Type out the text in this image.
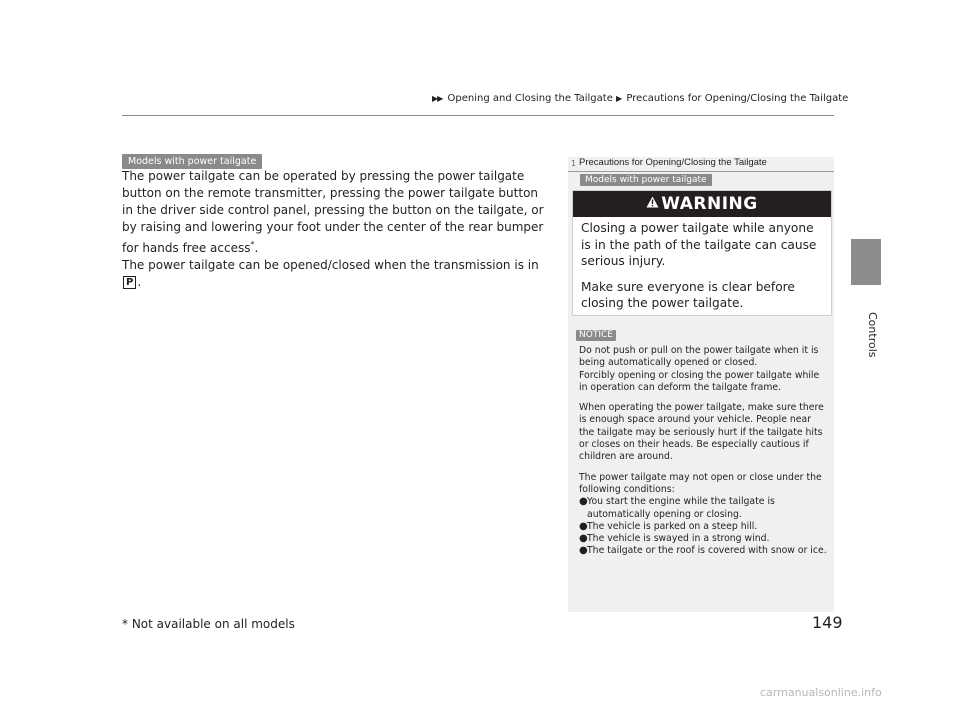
▶▶ Opening and Closing the Tailgate ▶ Precautions for Opening/Closing the Tailgate
Controls
Models with power tailgate

The power tailgate can be operated by pressing the power tailgate button on the remote transmitter, pressing the power tailgate button in the driver side control panel, pressing the button on the tailgate, or by raising and lowering your foot under the center of the rear bumper for hands free access*.

The power tailgate can be opened/closed when the transmission is in P .

1 Precautions for Opening/Closing the Tailgate
Models with power tailgate
WARNING

Closing a power tailgate while anyone is in the path of the tailgate can cause serious injury.

Make sure everyone is clear before closing the power tailgate.

NOTICE

Do not push or pull on the power tailgate when it is being automatically opened or closed.

Forcibly opening or closing the power tailgate while in operation can deform the tailgate frame.

When operating the power tailgate, make sure there is enough space around your vehicle. People near the tailgate may be seriously hurt if the tailgate hits or closes on their heads. Be especially cautious if children are around.

The power tailgate may not open or close under the following conditions:

● You start the engine while the tailgate is automatically opening or closing.
● The vehicle is parked on a steep hill.
● The vehicle is swayed in a strong wind.
● The tailgate or the roof is covered with snow or ice.
* Not available on all models	149
carmanualsonline.info
